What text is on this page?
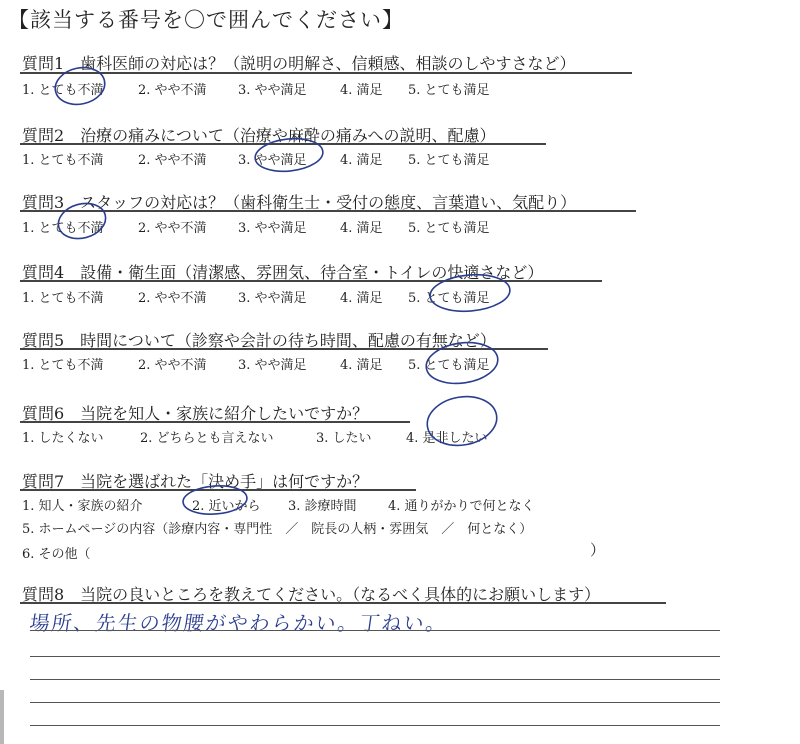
【該当する番号を〇で囲んでください】
質問1　歯科医師の対応は？（説明の明解さ、信頼感、相談のしやすさなど）
1. とても不満	2. やや不満 3. やや満足	4. 満足 5. とても満足
質問2　治療の痛みについて（治療や麻酔の痛みへの説明、配慮）
1. とても不満	2. やや不満 3. やや満足	4. 満足 5. とても満足
質問3　スタッフの対応は？（歯科衛生士・受付の態度、言葉遣い、気配り）
1. とても不満	2. やや不満 3. やや満足	4. 満足 5. とても満足
質問4　設備・衛生面（清潔感、雰囲気、待合室・トイレの快適さなど）
1. とても不満	2. やや不満 3. やや満足	4. 満足 5. とても満足
質問5　時間について（診察や会計の待ち時間、配慮の有無など）
1. とても不満	2. やや不満 3. やや満足	4. 満足 5. とても満足
質問6　当院を知人・家族に紹介したいですか？
1. したくない	2. どちらとも言えない	3. したい	4. 是非したい
質問7　当院を選ばれた「決め手」は何ですか？
1. 知人・家族の紹介	2. 近いから 3. 診療時間 4. 通りがかりで何となく
5. ホームページの内容（診療内容・専門性　／　院長の人柄・雰囲気　／　何となく）
6. その他（	）
質問8　当院の良いところを教えてください。（なるべく具体的にお願いします）
場所、先生の物腰がやわらかい。丁ねい。
